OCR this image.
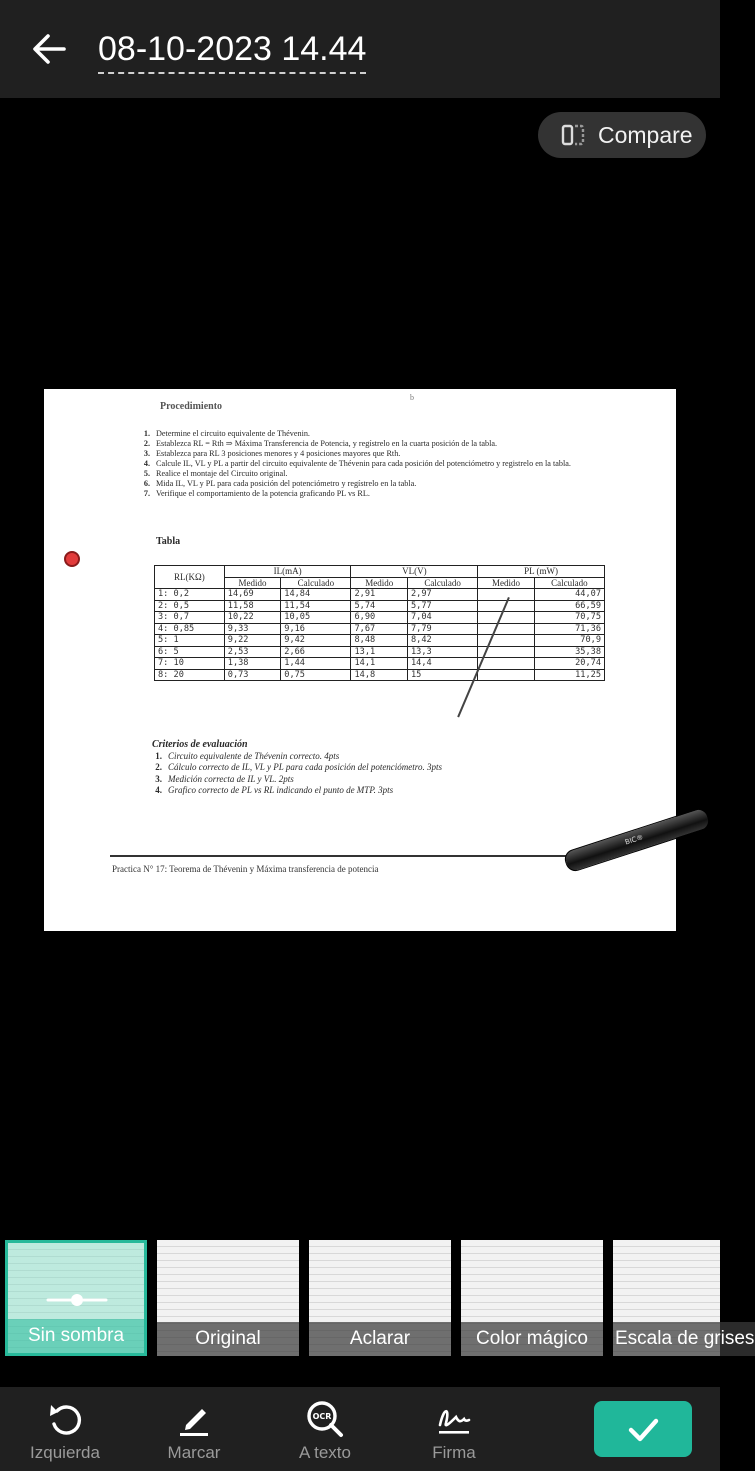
08-10-2023 14.44
Compare
Procedimiento
b
1. Determine el circuito equivalente de Thévenin.
2. Establezca RL = Rth ⇒ Máxima Transferencia de Potencia, y regístrelo en la cuarta posición de la tabla.
3. Establezca para RL 3 posiciones menores y 4 posiciones mayores que Rth.
4. Calcule IL, VL y PL a partir del circuito equivalente de Thévenin para cada posición del potenciómetro y registrelo en la tabla.
5. Realice el montaje del Circuito original.
6. Mida IL, VL y PL para cada posición del potenciómetro y regístrelo en la tabla.
7. Verifique el comportamiento de la potencia graficando PL vs RL.
Tabla
RL(KΩ)	IL(mA)		VL(V)		PL (mW)	
	Medido	Calculado	Medido	Calculado	Medido	Calculado
1: 0,2	14,69	14,84	2,91	2,97		44,07
2: 0,5	11,58	11,54	5,74	5,77		66,59
3: 0,7	10,22	10,05	6,90	7,04		70,75
4: 0,85	9,33	9,16	7,67	7,79		71,36
5: 1	9,22	9,42	8,48	8,42		70,9
6: 5	2,53	2,66	13,1	13,3		35,38
7: 10	1,38	1,44	14,1	14,4		20,74
8: 20	0,73	0,75	14,8	15		11,25
Criterios de evaluación
1. Circuito equivalente de Thévenin correcto. 4pts
2. Cálculo correcto de IL, VL y PL para cada posición del potenciómetro. 3pts
3. Medición correcta de IL y VL. 2pts
4. Grafico correcto de PL vs RL indicando el punto de MTP. 3pts
Practica N° 17: Teorema de Thévenin y Máxima transferencia de potencia
BIC®
Sin sombra	Original	Aclarar	Color mágico	Escala de grises
Izquierda	Marcar
OCR
A texto	Firma
